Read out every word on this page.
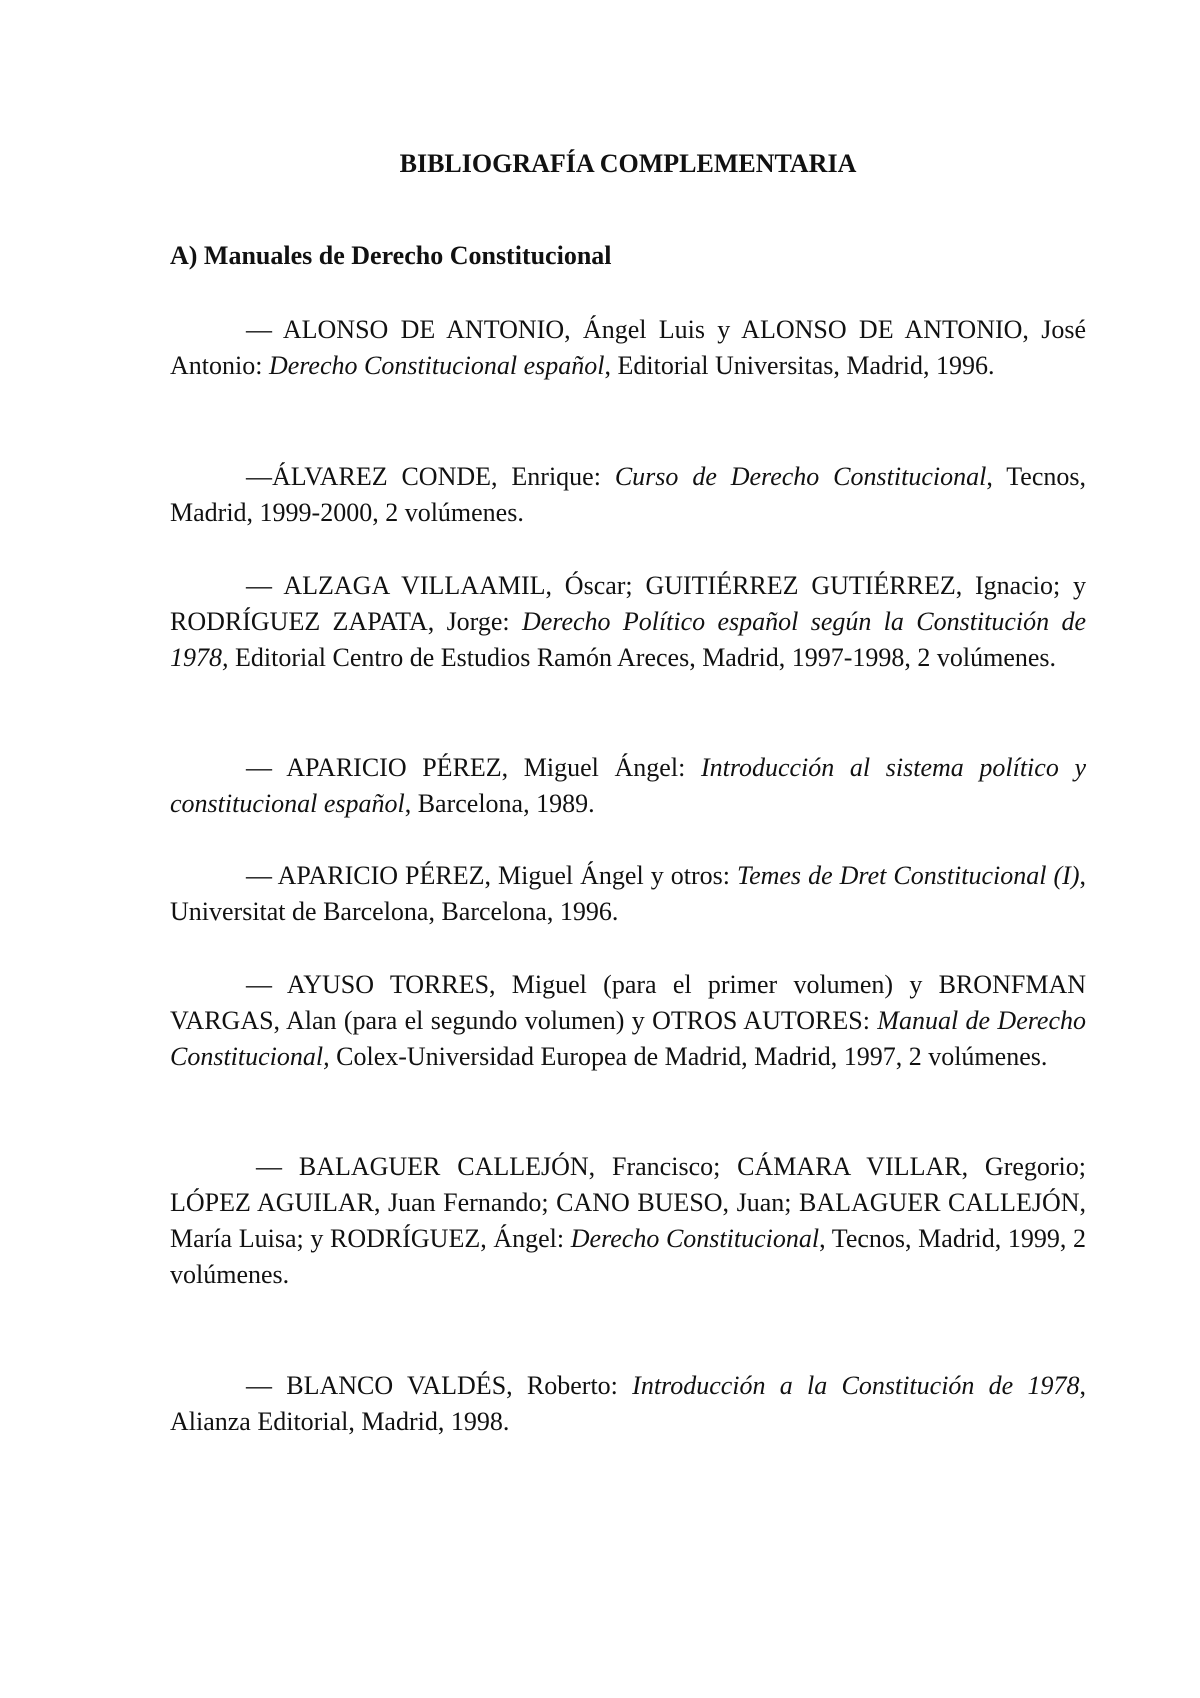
BIBLIOGRAFÍA COMPLEMENTARIA
A) Manuales de Derecho Constitucional

— ALONSO DE ANTONIO, Ángel Luis y ALONSO DE ANTONIO, José Antonio: Derecho Constitucional español, Editorial Universitas, Madrid, 1996.

—ÁLVAREZ CONDE, Enrique: Curso de Derecho Constitucional, Tecnos, Madrid, 1999-2000, 2 volúmenes.

— ALZAGA VILLAAMIL, Óscar; GUITIÉRREZ GUTIÉRREZ, Ignacio; y RODRÍGUEZ ZAPATA, Jorge: Derecho Político español según la Constitución de 1978, Editorial Centro de Estudios Ramón Areces, Madrid, 1997-1998, 2 volúmenes.

— APARICIO PÉREZ, Miguel Ángel: Introducción al sistema político y constitucional español, Barcelona, 1989.

— APARICIO PÉREZ, Miguel Ángel y otros: Temes de Dret Constitucional (I), Universitat de Barcelona, Barcelona, 1996.

— AYUSO TORRES, Miguel (para el primer volumen) y BRONFMAN VARGAS, Alan (para el segundo volumen) y OTROS AUTORES: Manual de Derecho Constitucional, Colex-Universidad Europea de Madrid, Madrid, 1997, 2 volúmenes.

— BALAGUER CALLEJÓN, Francisco; CÁMARA VILLAR, Gregorio; LÓPEZ AGUILAR, Juan Fernando; CANO BUESO, Juan; BALAGUER CALLEJÓN, María Luisa; y RODRÍGUEZ, Ángel: Derecho Constitucional, Tecnos, Madrid, 1999, 2 volúmenes.

— BLANCO VALDÉS, Roberto: Introducción a la Constitución de 1978, Alianza Editorial, Madrid, 1998.
